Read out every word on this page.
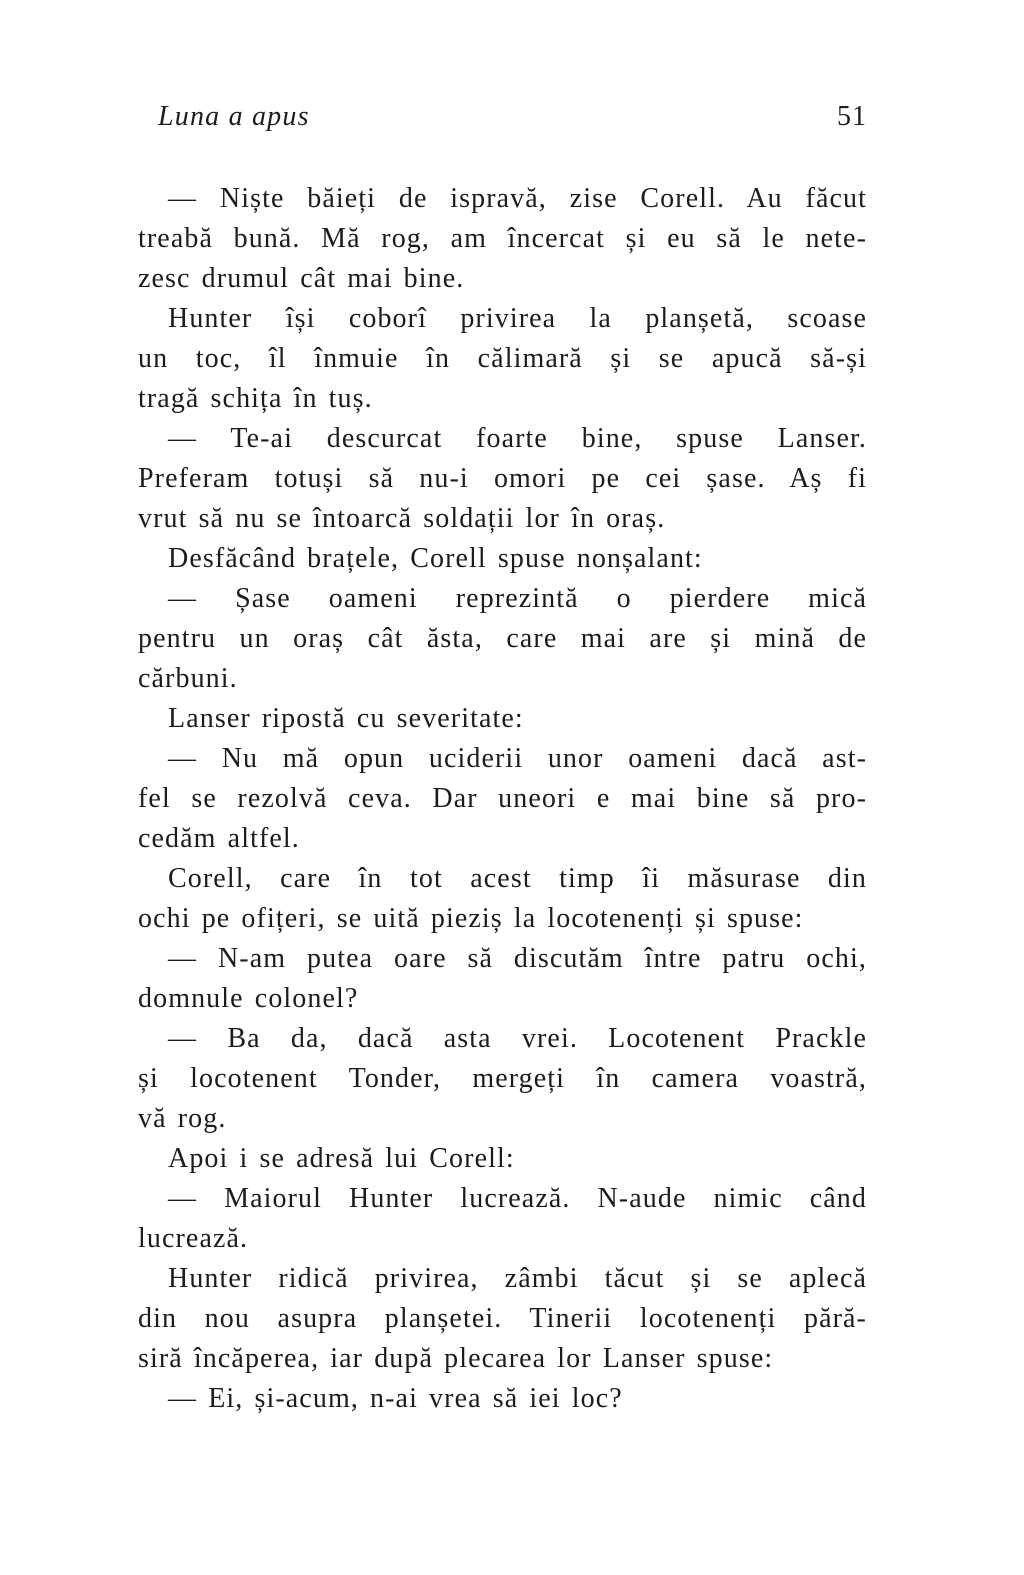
Luna a apus	51
— Niște băieți de ispravă, zise Corell. Au făcut
treabă bună. Mă rog, am încercat și eu să le nete-
zesc drumul cât mai bine.
Hunter își coborî privirea la planșetă, scoase
un toc, îl înmuie în călimară și se apucă să-și
tragă schița în tuș.
— Te-ai descurcat foarte bine, spuse Lanser.
Preferam totuși să nu-i omori pe cei șase. Aș fi
vrut să nu se întoarcă soldații lor în oraș.
Desfăcând brațele, Corell spuse nonșalant:
— Șase oameni reprezintă o pierdere mică
pentru un oraș cât ăsta, care mai are și mină de
cărbuni.
Lanser ripostă cu severitate:
— Nu mă opun uciderii unor oameni dacă ast-
fel se rezolvă ceva. Dar uneori e mai bine să pro-
cedăm altfel.
Corell, care în tot acest timp îi măsurase din
ochi pe ofițeri, se uită pieziș la locotenenți și spuse:
— N-am putea oare să discutăm între patru ochi,
domnule colonel?
— Ba da, dacă asta vrei. Locotenent Prackle
și locotenent Tonder, mergeți în camera voastră,
vă rog.
Apoi i se adresă lui Corell:
— Maiorul Hunter lucrează. N-aude nimic când
lucrează.
Hunter ridică privirea, zâmbi tăcut și se aplecă
din nou asupra planșetei. Tinerii locotenenți pără-
siră încăperea, iar după plecarea lor Lanser spuse:
— Ei, și-acum, n-ai vrea să iei loc?
